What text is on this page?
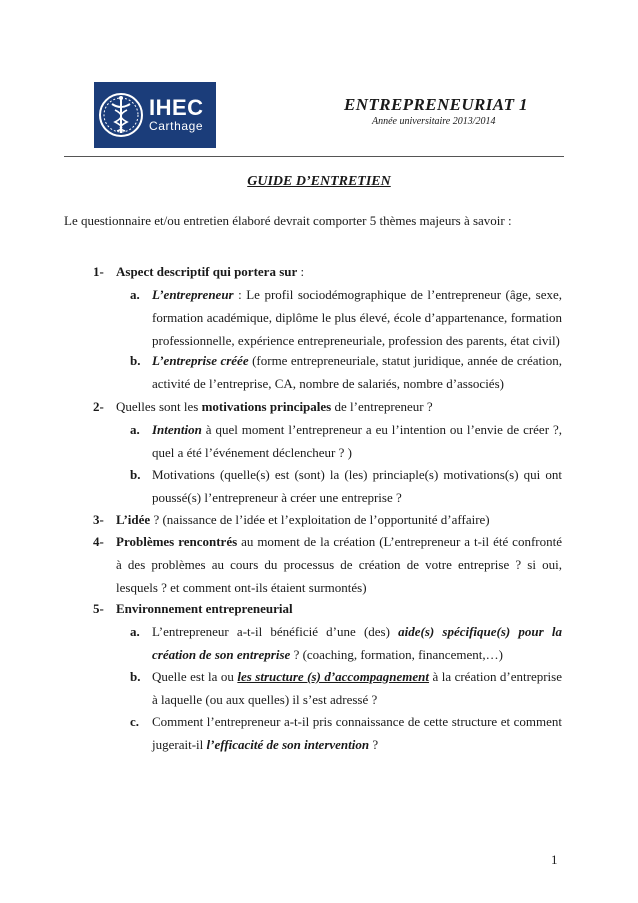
IHEC
Carthage
ENTREPRENEURIAT 1
Année universitaire 2013/2014
GUIDE D’ENTRETIEN
Le questionnaire et/ou entretien élaboré devrait comporter 5 thèmes majeurs à savoir :
1- Aspect descriptif qui portera sur :
a. L’entrepreneur : Le profil sociodémographique de l’entrepreneur (âge, sexe, formation académique, diplôme le plus élevé, école d’appartenance, formation professionnelle, expérience entrepreneuriale, profession des parents, état civil)
b. L’entreprise créée (forme entrepreneuriale, statut juridique, année de création, activité de l’entreprise, CA, nombre de salariés, nombre d’associés)
2- Quelles sont les motivations principales de l’entrepreneur ?
a. Intention à quel moment l’entrepreneur a eu l’intention ou l’envie de créer ?, quel a été l’événement déclencheur ? )
b. Motivations (quelle(s) est (sont) la (les) princiaple(s) motivations(s) qui ont poussé(s) l’entrepreneur à créer une entreprise ?
3- L’idée ? (naissance de l’idée et l’exploitation de l’opportunité d’affaire)
4- Problèmes rencontrés au moment de la création (L’entrepreneur a t-il été confronté à des problèmes au cours du processus de création de votre entreprise ? si oui, lesquels ? et comment ont-ils étaient surmontés)
5- Environnement entrepreneurial
a. L’entrepreneur a-t-il bénéficié d’une (des) aide(s) spécifique(s) pour la création de son entreprise ? (coaching, formation, financement,…)
b. Quelle est la ou les structure (s) d’accompagnement à la création d’entreprise à laquelle (ou aux quelles) il s’est adressé ?
c. Comment l’entrepreneur a-t-il pris connaissance de cette structure et comment jugerait-il l’efficacité de son intervention ?
1
